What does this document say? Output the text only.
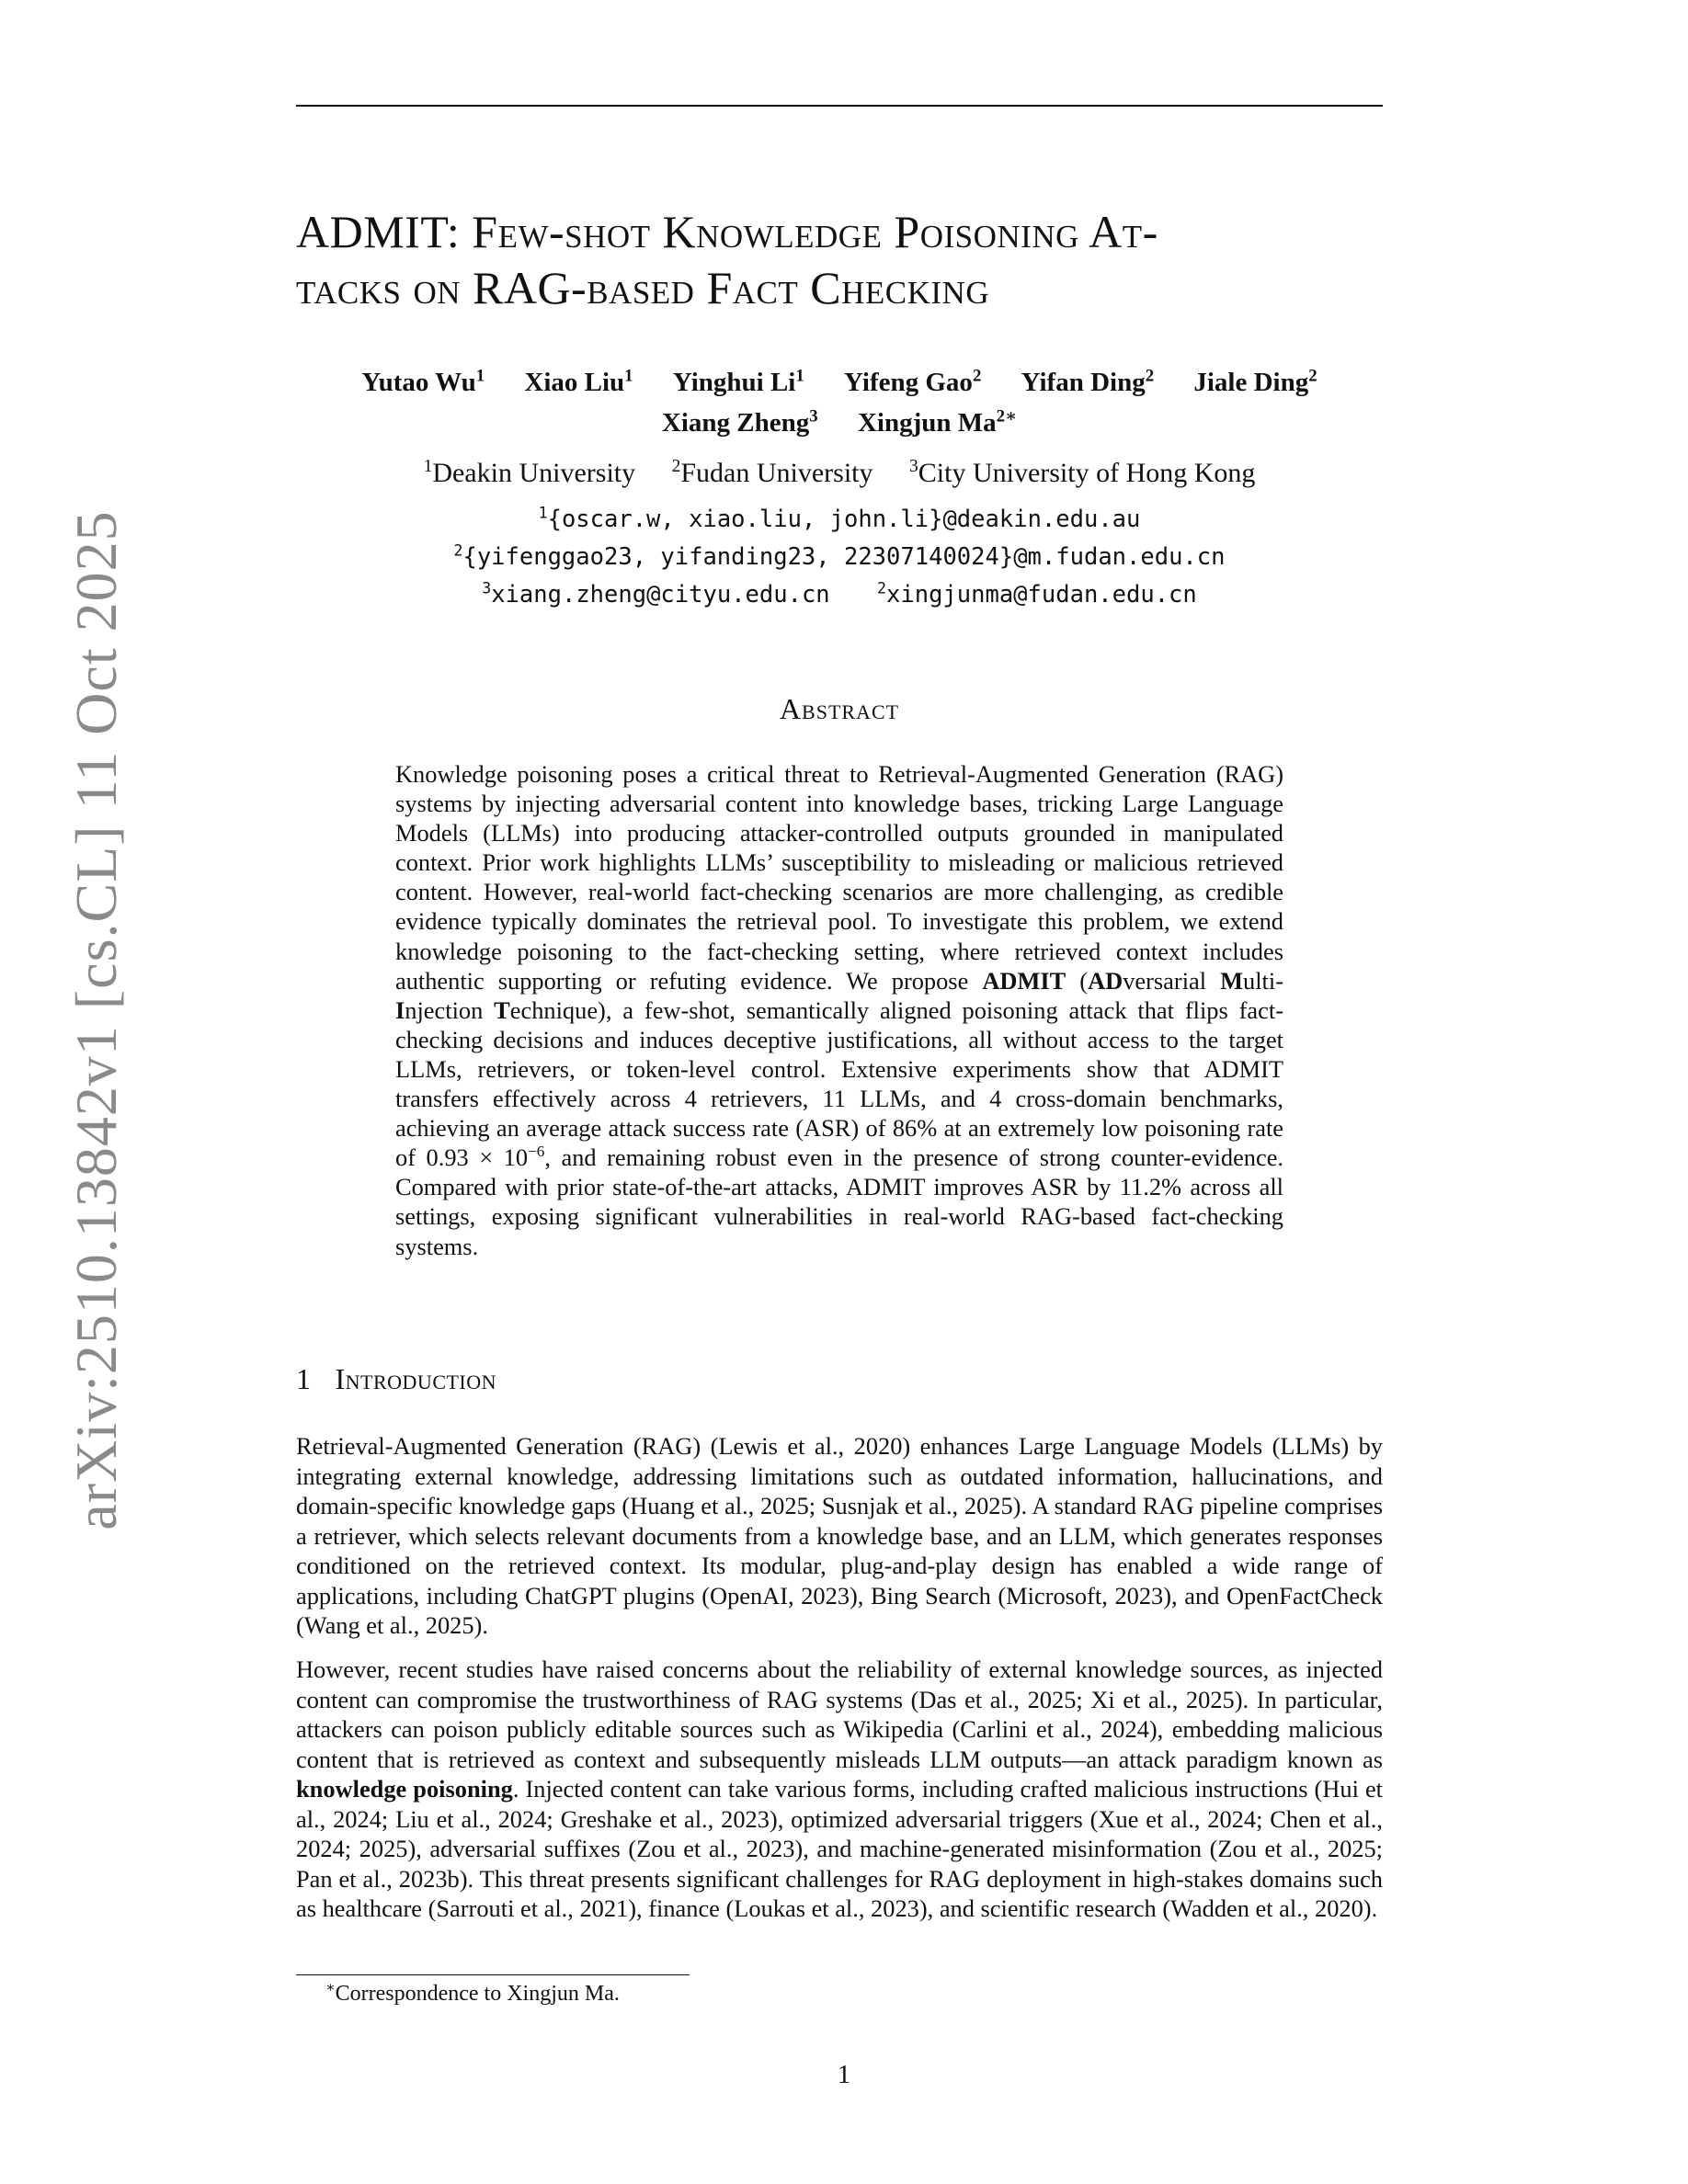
arXiv:2510.13842v1 [cs.CL] 11 Oct 2025
ADMIT: Few-shot Knowledge Poisoning At-
tacks on RAG-based Fact Checking
Yutao Wu$^1$ Xiao Liu$^1$ Yinghui Li$^1$ Yifeng Gao$^2$ Yifan Ding$^2$ Jiale Ding$^2$
Xiang Zheng$^3$ Xingjun $Ma^{2∗}$
$^1$Deakin University $^2$Fudan University $^3$City University of Hong Kong
$^1${oscar.w, xiao.liu, john.li}@deakin.edu.au
$^2${yifenggao23, yifanding23, 22307140024}@m.fudan.edu.cn
$^3$xiang.zheng@cityu.edu.cn	$^2$xingjunma@fudan.edu.cn
Abstract

Knowledge poisoning poses a critical threat to Retrieval-Augmented Generation (RAG) systems by injecting adversarial content into knowledge bases, tricking Large Language Models (LLMs) into producing attacker-controlled outputs grounded in manipulated context. Prior work highlights LLMs’ susceptibility to misleading or malicious retrieved content. However, real-world fact-checking scenarios are more challenging, as credible evidence typically dominates the retrieval pool. To investigate this problem, we extend knowledge poisoning to the fact-checking setting, where retrieved context includes authentic supporting or refuting evidence. We propose ADMIT (ADversarial Multi-Injection Technique), a few-shot, semantically aligned poisoning attack that flips fact-checking decisions and induces deceptive justifications, all without access to the target LLMs, retrievers, or token-level control. Extensive experiments show that ADMIT transfers effectively across 4 retrievers, 11 LLMs, and 4 cross-domain benchmarks, achieving an average attack success rate (ASR) of 86% at an extremely low poisoning rate of $0.93 \times 10^{-6}$, and remaining robust even in the presence of strong counter-evidence. Compared with prior state-of-the-art attacks, ADMIT improves ASR by 11.2% across all settings, exposing significant vulnerabilities in real-world RAG-based fact-checking systems.

1 Introduction

Retrieval-Augmented Generation (RAG) (Lewis et al., 2020) enhances Large Language Models (LLMs) by integrating external knowledge, addressing limitations such as outdated information, hallucinations, and domain-specific knowledge gaps (Huang et al., 2025; Susnjak et al., 2025). A standard RAG pipeline comprises a retriever, which selects relevant documents from a knowledge base, and an LLM, which generates responses conditioned on the retrieved context. Its modular, plug-and-play design has enabled a wide range of applications, including ChatGPT plugins (OpenAI, 2023), Bing Search (Microsoft, 2023), and OpenFactCheck (Wang et al., 2025).

However, recent studies have raised concerns about the reliability of external knowledge sources, as injected content can compromise the trustworthiness of RAG systems (Das et al., 2025; Xi et al., 2025). In particular, attackers can poison publicly editable sources such as Wikipedia (Carlini et al., 2024), embedding malicious content that is retrieved as context and subsequently misleads LLM outputs—an attack paradigm known as knowledge poisoning. Injected content can take various forms, including crafted malicious instructions (Hui et al., 2024; Liu et al., 2024; Greshake et al., 2023), optimized adversarial triggers (Xue et al., 2024; Chen et al., 2024; 2025), adversarial suffixes (Zou et al., 2023), and machine-generated misinformation (Zou et al., 2025; Pan et al., 2023b). This threat presents significant challenges for RAG deployment in high-stakes domains such as healthcare (Sarrouti et al., 2021), finance (Loukas et al., 2023), and scientific research (Wadden et al., 2020).

∗Correspondence to Xingjun Ma.
1
